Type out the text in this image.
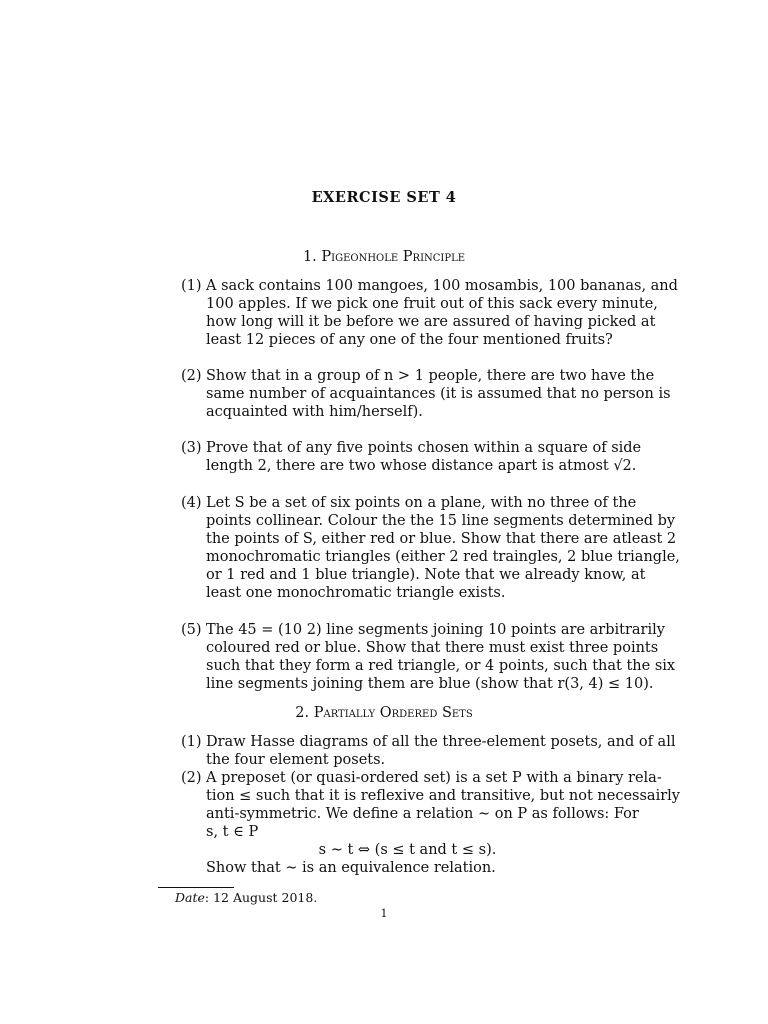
EXERCISE SET 4
1. Pigeonhole Principle
(1) A sack contains 100 mangoes, 100 mosambis, 100 bananas, and
100 apples. If we pick one fruit out of this sack every minute,
how long will it be before we are assured of having picked at
least 12 pieces of any one of the four mentioned fruits?
(2) Show that in a group of n > 1 people, there are two have the
same number of acquaintances (it is assumed that no person is
acquainted with him/herself).
(3) Prove that of any five points chosen within a square of side
length 2, there are two whose distance apart is atmost √2.
(4) Let S be a set of six points on a plane, with no three of the
points collinear. Colour the the 15 line segments determined by
the points of S, either red or blue. Show that there are atleast 2
monochromatic triangles (either 2 red traingles, 2 blue triangle,
or 1 red and 1 blue triangle). Note that we already know, at
least one monochromatic triangle exists.
(5) The 45 = (10 2) line segments joining 10 points are arbitrarily
coloured red or blue. Show that there must exist three points
such that they form a red triangle, or 4 points, such that the six
line segments joining them are blue (show that r(3, 4) ≤ 10).
2. Partially Ordered Sets
(1) Draw Hasse diagrams of all the three-element posets, and of all
the four element posets.
(2) A preposet (or quasi-ordered set) is a set P with a binary rela-
tion ≤ such that it is reflexive and transitive, but not necessairly
anti-symmetric. We define a relation ∼ on P as follows: For
s, t ∈ P
s ∼ t ⇔ (s ≤ t and t ≤ s).
Show that ∼ is an equivalence relation.
Date: 12 August 2018.
1
